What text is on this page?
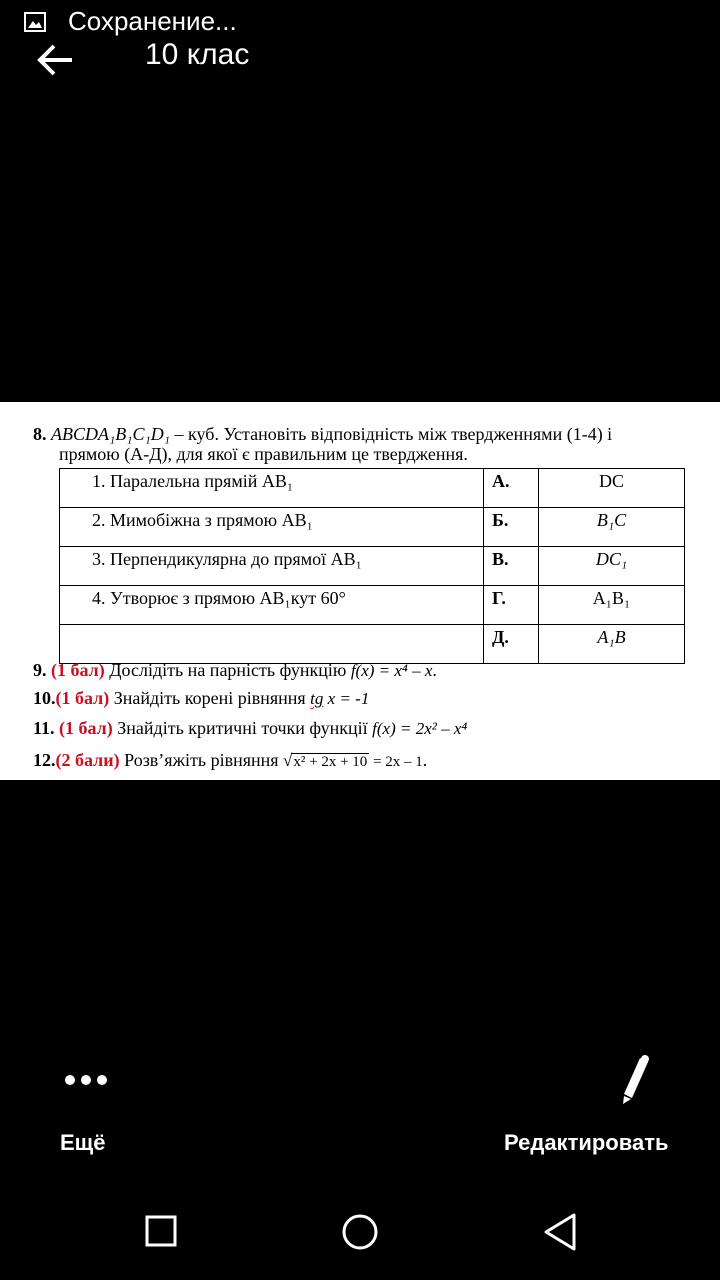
Сохранение...
10 клас
8. ABCDA₁B₁C₁D₁ – куб. Установіть відповідність між твердженнями (1-4) і
прямою (А-Д), для якої є правильним це твердження.
1. Паралельна прямій AB₁	А.	DC
2. Мимобіжна з прямою AB₁	Б.	B₁C
3. Перпендикулярна до прямої AB₁	В.	DC₁
4. Утворює з прямою AB₁кут 60°	Г.	A₁B₁
	Д.	A₁B
9. (1 бал) Дослідіть на парність функцію f(x) = x⁴ – x.
10.(1 бал) Знайдіть корені рівняння tg x = -1
11. (1 бал) Знайдіть критичні точки функції f(x) = 2x² – x⁴
12.(2 бали) Розв’яжіть рівняння √x² + 2x + 10 = 2x – 1.
Ещё	Редактировать
